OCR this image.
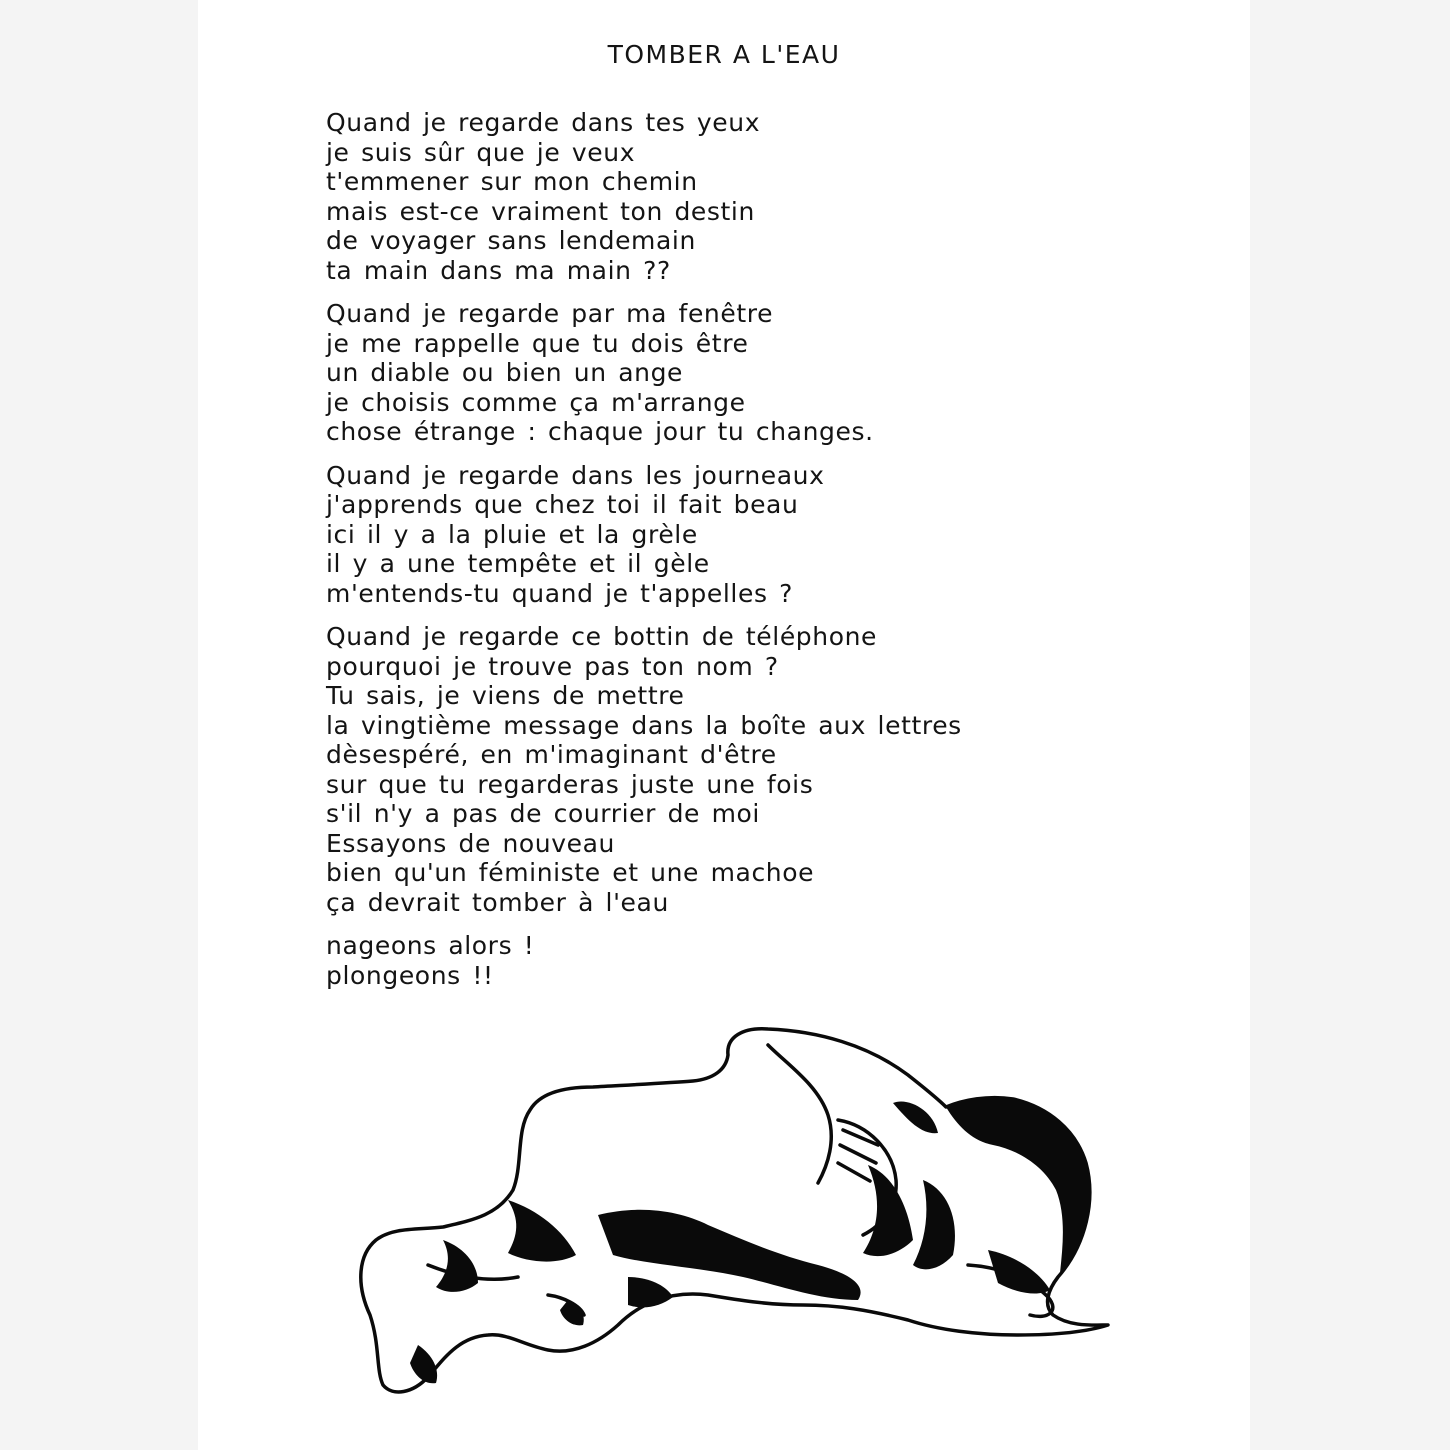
TOMBER A L'EAU
Quand je regarde dans tes yeux
je suis sûr que je veux
t'emmener sur mon chemin
mais est-ce vraiment ton destin
de voyager sans lendemain
ta main dans ma main ??
Quand je regarde par ma fenêtre
je me rappelle que tu dois être
un diable ou bien un ange
je choisis comme ça m'arrange
chose étrange : chaque jour tu changes.
Quand je regarde dans les journeaux
j'apprends que chez toi il fait beau
ici il y a la pluie et la grèle
il y a une tempête et il gèle
m'entends-tu quand je t'appelles ?
Quand je regarde ce bottin de téléphone
pourquoi je trouve pas ton nom ?
Tu sais, je viens de mettre
la vingtième message dans la boîte aux lettres
dèsespéré, en m'imaginant d'être
sur que tu regarderas juste une fois
s'il n'y a pas de courrier de moi
Essayons de nouveau
bien qu'un féministe et une machoe
ça devrait tomber à l'eau
nageons alors !
plongeons !!
